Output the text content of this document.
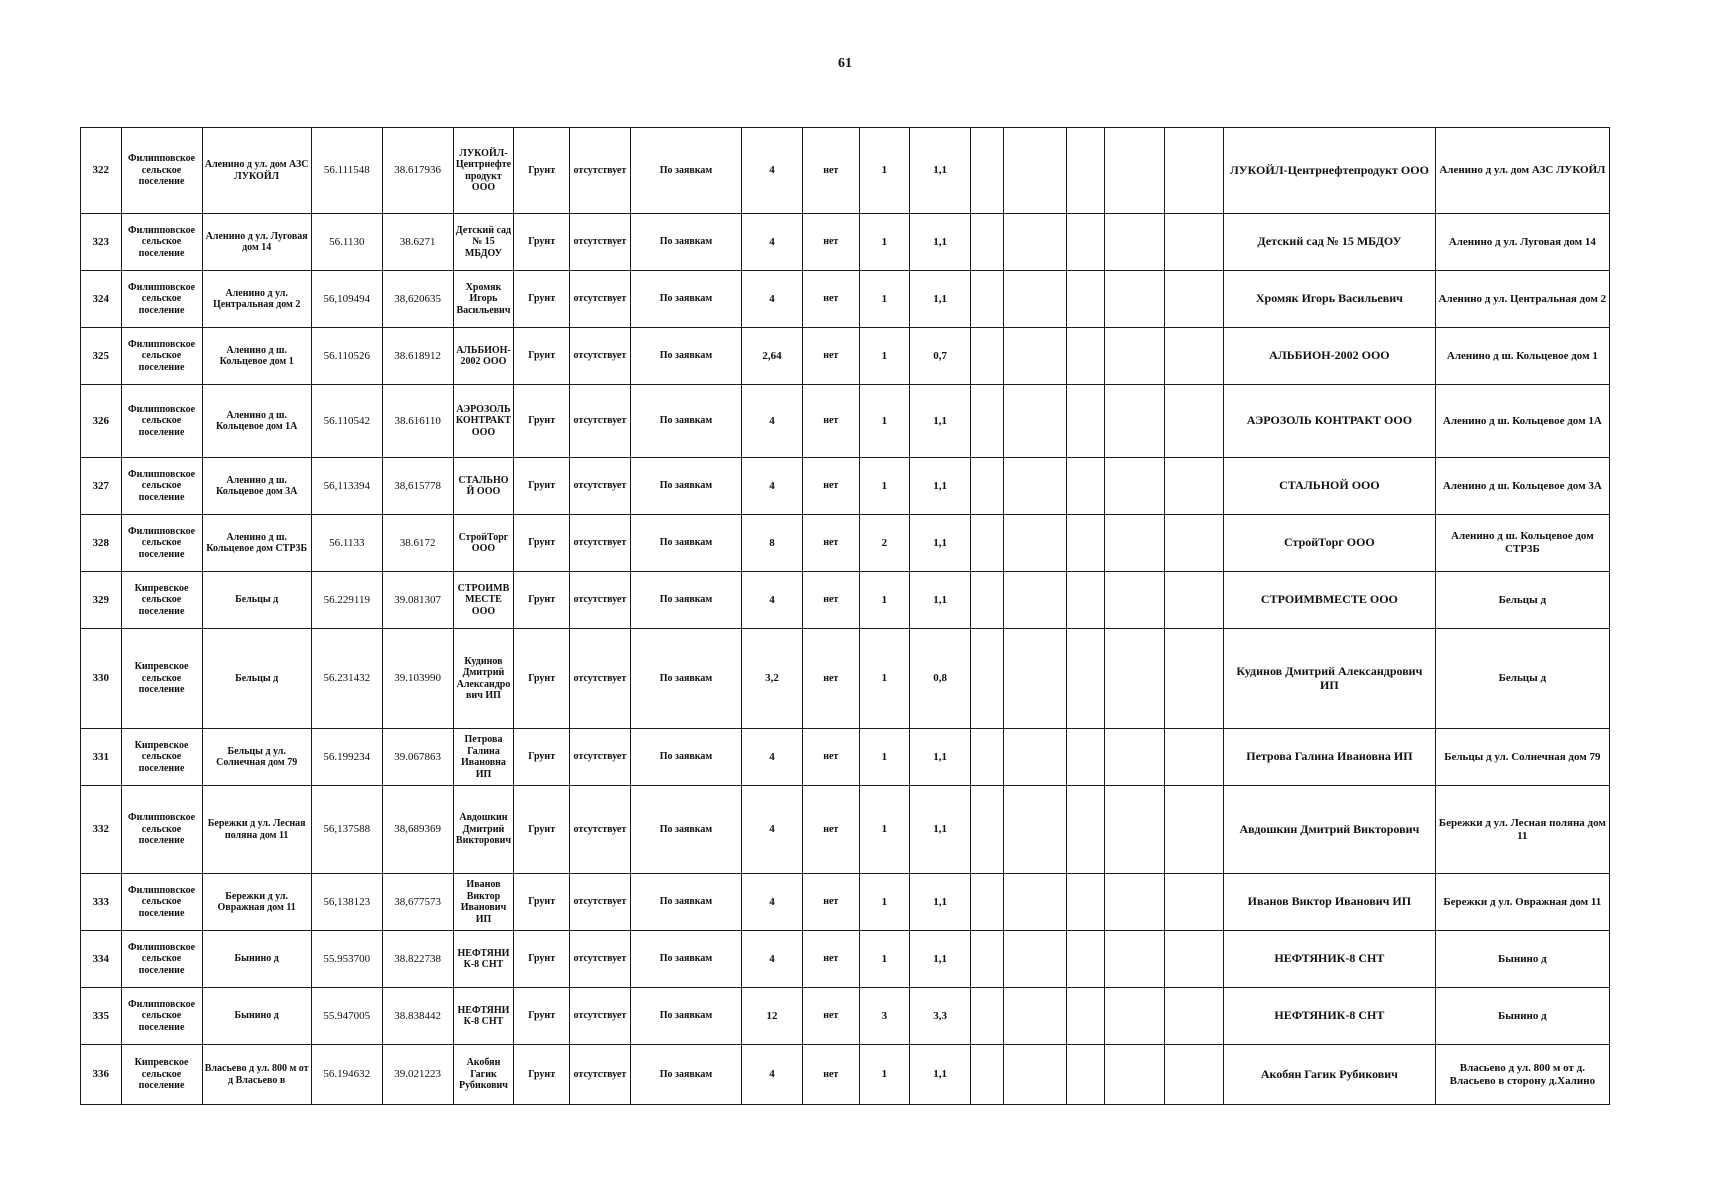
61
322	Филипповское сельское поселение	Аленино д ул. дом АЗС ЛУКОЙЛ	56.111548	38.617936	ЛУКОЙЛ-Центрнефтепродукт ООО	Грунт	отсутствует	По заявкам	4	нет	1	1,1						ЛУКОЙЛ-Центрнефтепродукт ООО	Аленино д ул. дом АЗС ЛУКОЙЛ
323	Филипповское сельское поселение	Аленино д ул. Луговая дом 14	56.1130	38.6271	Детский сад № 15 МБДОУ	Грунт	отсутствует	По заявкам	4	нет	1	1,1						Детский сад № 15 МБДОУ	Аленино д ул. Луговая дом 14
324	Филипповское сельское поселение	Аленино д ул. Центральная дом 2	56,109494	38,620635	Хромяк Игорь Васильевич	Грунт	отсутствует	По заявкам	4	нет	1	1,1						Хромяк Игорь Васильевич	Аленино д ул. Центральная дом 2
325	Филипповское сельское поселение	Аленино д ш. Кольцевое дом 1	56.110526	38.618912	АЛЬБИОН-2002 ООО	Грунт	отсутствует	По заявкам	2,64	нет	1	0,7						АЛЬБИОН-2002 ООО	Аленино д ш. Кольцевое дом 1
326	Филипповское сельское поселение	Аленино д ш. Кольцевое дом 1А	56.110542	38.616110	АЭРОЗОЛЬ КОНТРАКТ ООО	Грунт	отсутствует	По заявкам	4	нет	1	1,1						АЭРОЗОЛЬ КОНТРАКТ ООО	Аленино д ш. Кольцевое дом 1А
327	Филипповское сельское поселение	Аленино д ш. Кольцевое дом 3А	56,113394	38,615778	СТАЛЬНОЙ ООО	Грунт	отсутствует	По заявкам	4	нет	1	1,1						СТАЛЬНОЙ ООО	Аленино д ш. Кольцевое дом 3А
328	Филипповское сельское поселение	Аленино д ш. Кольцевое дом СТР3Б	56.1133	38.6172	СтройТорг ООО	Грунт	отсутствует	По заявкам	8	нет	2	1,1						СтройТорг ООО	Аленино д ш. Кольцевое дом СТР3Б
329	Кипревское сельское поселение	Бельцы д	56.229119	39.081307	СТРОИМВМЕСТЕ ООО	Грунт	отсутствует	По заявкам	4	нет	1	1,1						СТРОИМВМЕСТЕ ООО	Бельцы д
330	Кипревское сельское поселение	Бельцы д	56.231432	39.103990	Кудинов Дмитрий Александрович ИП	Грунт	отсутствует	По заявкам	3,2	нет	1	0,8						Кудинов Дмитрий Александрович ИП	Бельцы д
331	Кипревское сельское поселение	Бельцы д ул. Солнечная дом 79	56.199234	39.067863	Петрова Галина Ивановна ИП	Грунт	отсутствует	По заявкам	4	нет	1	1,1						Петрова Галина Ивановна ИП	Бельцы д ул. Солнечная дом 79
332	Филипповское сельское поселение	Бережки д ул. Лесная поляна дом 11	56,137588	38,689369	Авдошкин Дмитрий Викторович	Грунт	отсутствует	По заявкам	4	нет	1	1,1						Авдошкин Дмитрий Викторович	Бережки д ул. Лесная поляна дом 11
333	Филипповское сельское поселение	Бережки д ул. Овражная дом 11	56,138123	38,677573	Иванов Виктор Иванович ИП	Грунт	отсутствует	По заявкам	4	нет	1	1,1						Иванов Виктор Иванович ИП	Бережки д ул. Овражная дом 11
334	Филипповское сельское поселение	Бынино д	55.953700	38.822738	НЕФТЯНИК-8 СНТ	Грунт	отсутствует	По заявкам	4	нет	1	1,1						НЕФТЯНИК-8 СНТ	Бынино д
335	Филипповское сельское поселение	Бынино д	55.947005	38.838442	НЕФТЯНИК-8 СНТ	Грунт	отсутствует	По заявкам	12	нет	3	3,3						НЕФТЯНИК-8 СНТ	Бынино д
336	Кипревское сельское поселение	Власьево д ул. 800 м от д Власьево в	56.194632	39.021223	Акобян Гагик Рубикович	Грунт	отсутствует	По заявкам	4	нет	1	1,1						Акобян Гагик Рубикович	Власьево д ул. 800 м от д. Власьево в сторону д.Халино
